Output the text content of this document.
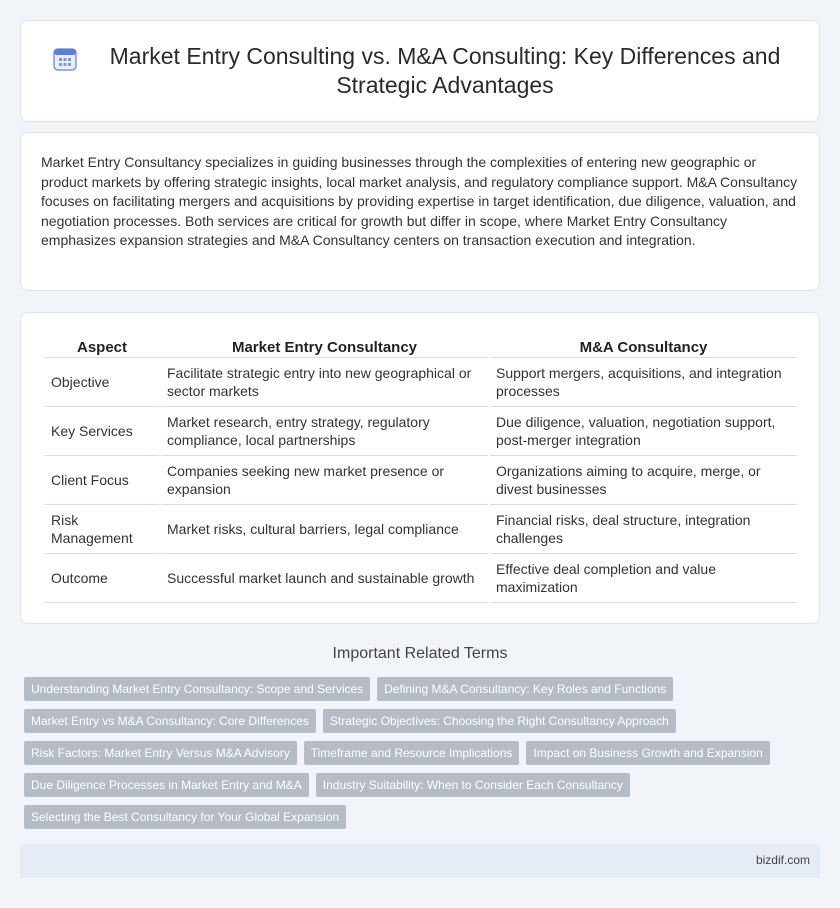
Market Entry Consulting vs. M&A Consulting: Key Differences and Strategic Advantages

Market Entry Consultancy specializes in guiding businesses through the complexities of entering new geographic or product markets by offering strategic insights, local market analysis, and regulatory compliance support. M&A Consultancy focuses on facilitating mergers and acquisitions by providing expertise in target identification, due diligence, valuation, and negotiation processes. Both services are critical for growth but differ in scope, where Market Entry Consultancy emphasizes expansion strategies and M&A Consultancy centers on transaction execution and integration.

Aspect	Market Entry Consultancy	M&A Consultancy
Objective	Facilitate strategic entry into new geographical or sector markets	Support mergers, acquisitions, and integration processes
Key Services	Market research, entry strategy, regulatory compliance, local partnerships	Due diligence, valuation, negotiation support, post-merger integration
Client Focus	Companies seeking new market presence or expansion	Organizations aiming to acquire, merge, or divest businesses
Risk Management	Market risks, cultural barriers, legal compliance	Financial risks, deal structure, integration challenges
Outcome	Successful market launch and sustainable growth	Effective deal completion and value maximization
Important Related Terms
Understanding Market Entry Consultancy: Scope and Services	Defining M&A Consultancy: Key Roles and Functions
Market Entry vs M&A Consultancy: Core Differences	Strategic Objectives: Choosing the Right Consultancy Approach
Risk Factors: Market Entry Versus M&A Advisory	Timeframe and Resource Implications	Impact on Business Growth and Expansion
Due Diligence Processes in Market Entry and M&A	Industry Suitability: When to Consider Each Consultancy
Selecting the Best Consultancy for Your Global Expansion
bizdif.com
